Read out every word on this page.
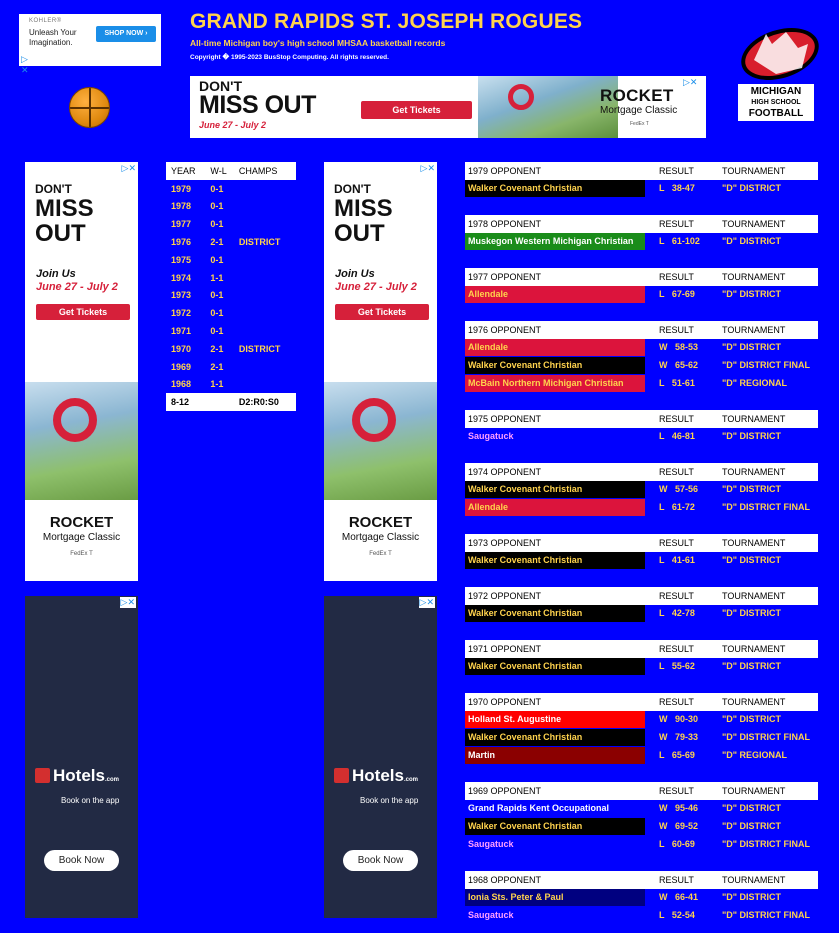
KOHLER®
Unleash Your Imagination.
SHOP NOW ›
▷
✕
GRAND RAPIDS ST. JOSEPH ROGUES
All-time Michigan boy's high school MHSAA basketball records
Copyright � 1995-2023 BusStop Computing. All rights reserved.
DON'T
MISS OUT
June 27 - July 2
Get Tickets
ROCKET
Mortgage Classic
FedEx T
▷✕
MICHIGAN
HIGH SCHOOL
FOOTBALL
▷✕
DON'T
MISS
OUT
Join Us
June 27 - July 2
Get Tickets
ROCKET
Mortgage Classic
FedEx T
▷✕
DON'T
MISS
OUT
Join Us
June 27 - July 2
Get Tickets
ROCKET
Mortgage Classic
FedEx T
▷✕
Hotels.com
Book on the app
Book Now
▷✕
Hotels.com
Book on the app
Book Now
YEAR	W-L	CHAMPS
1979	0-1	
1978	0-1	
1977	0-1	
1976	2-1	DISTRICT
1975	0-1	
1974	1-1	
1973	0-1	
1972	0-1	
1971	0-1	
1970	2-1	DISTRICT
1969	2-1	
1968	1-1	
8-12		D2:R0:S0
1979 OPPONENT	RESULT	TOURNAMENT
Walker Covenant Christian	L   38-47	"D" DISTRICT
1978 OPPONENT	RESULT	TOURNAMENT
Muskegon Western Michigan Christian	L   61-102 "D" DISTRICT
1977 OPPONENT	RESULT	TOURNAMENT
Allendale	L   67-69	"D" DISTRICT
1976 OPPONENT	RESULT	TOURNAMENT
Allendale	W   58-53	"D" DISTRICT
Walker Covenant Christian	W   65-62	"D" DISTRICT FINAL
McBain Northern Michigan Christian	L   51-61	"D" REGIONAL
1975 OPPONENT	RESULT	TOURNAMENT
Saugatuck	L   46-81	"D" DISTRICT
1974 OPPONENT	RESULT	TOURNAMENT
Walker Covenant Christian	W   57-56	"D" DISTRICT
Allendale	L   61-72	"D" DISTRICT FINAL
1973 OPPONENT	RESULT	TOURNAMENT
Walker Covenant Christian	L   41-61	"D" DISTRICT
1972 OPPONENT	RESULT	TOURNAMENT
Walker Covenant Christian	L   42-78	"D" DISTRICT
1971 OPPONENT	RESULT	TOURNAMENT
Walker Covenant Christian	L   55-62	"D" DISTRICT
1970 OPPONENT	RESULT	TOURNAMENT
Holland St. Augustine	W   90-30	"D" DISTRICT
Walker Covenant Christian	W   79-33	"D" DISTRICT FINAL
Martin	L   65-69	"D" REGIONAL
1969 OPPONENT	RESULT	TOURNAMENT
Grand Rapids Kent Occupational	W   95-46	"D" DISTRICT
Walker Covenant Christian	W   69-52	"D" DISTRICT
Saugatuck	L   60-69	"D" DISTRICT FINAL
1968 OPPONENT	RESULT	TOURNAMENT
Ionia Sts. Peter & Paul	W   66-41	"D" DISTRICT
Saugatuck	L   52-54	"D" DISTRICT FINAL
